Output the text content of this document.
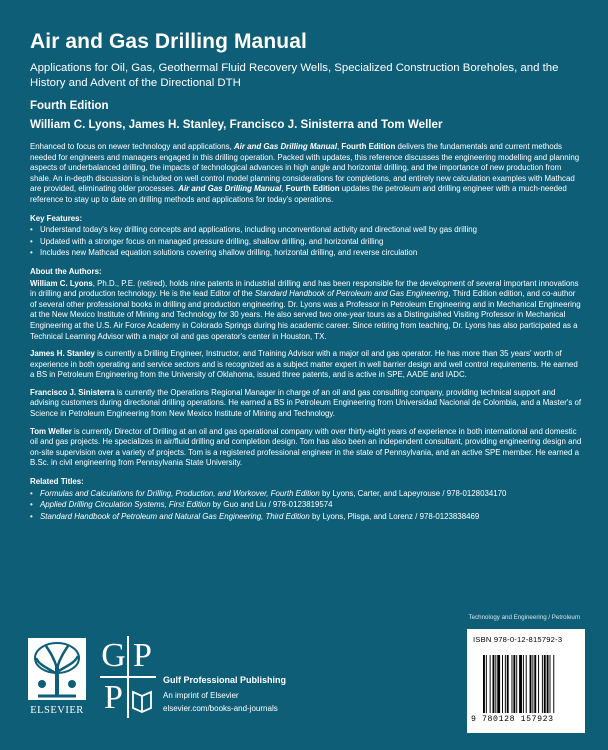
Air and Gas Drilling Manual
Applications for Oil, Gas, Geothermal Fluid Recovery Wells, Specialized Construction Boreholes, and the History and Advent of the Directional DTH
Fourth Edition
William C. Lyons, James H. Stanley, Francisco J. Sinisterra and Tom Weller
Enhanced to focus on newer technology and applications, Air and Gas Drilling Manual, Fourth Edition delivers the fundamentals and current methods needed for engineers and managers engaged in this drilling operation. Packed with updates, this reference discusses the engineering modelling and planning aspects of underbalanced drilling, the impacts of technological advances in high angle and horizontal drilling, and the importance of new production from shale. An in-depth discussion is included on well control model planning considerations for completions, and entirely new calculation examples with Mathcad are provided, eliminating older processes. Air and Gas Drilling Manual, Fourth Edition updates the petroleum and drilling engineer with a much-needed reference to stay up to date on drilling methods and applications for today's operations.
Key Features:
• Understand today's key drilling concepts and applications, including unconventional activity and directional well by gas drilling
• Updated with a stronger focus on managed pressure drilling, shallow drilling, and horizontal drilling
• Includes new Mathcad equation solutions covering shallow drilling, horizontal drilling, and reverse circulation
About the Authors:
William C. Lyons, Ph.D., P.E. (retired), holds nine patents in industrial drilling and has been responsible for the development of several important innovations in drilling and production technology. He is the lead Editor of the Standard Handbook of Petroleum and Gas Engineering, Third Edition edition, and co-author of several other professional books in drilling and production engineering. Dr. Lyons was a Professor in Petroleum Engineering and in Mechanical Engineering at the New Mexico Institute of Mining and Technology for 30 years. He also served two one-year tours as a Distinguished Visiting Professor in Mechanical Engineering at the U.S. Air Force Academy in Colorado Springs during his academic career. Since retiring from teaching, Dr. Lyons has also participated as a Technical Learning Advisor with a major oil and gas operator's center in Houston, TX.
James H. Stanley is currently a Drilling Engineer, Instructor, and Training Advisor with a major oil and gas operator. He has more than 35 years' worth of experience in both operating and service sectors and is recognized as a subject matter expert in well barrier design and well control requirements. He earned a BS in Petroleum Engineering from the University of Oklahoma, issued three patents, and is active in SPE, AADE and IADC.
Francisco J. Sinisterra is currently the Operations Regional Manager in charge of an oil and gas consulting company, providing technical support and advising customers during directional drilling operations. He earned a BS in Petroleum Engineering from Universidad Nacional de Colombia, and a Master's of Science in Petroleum Engineering from New Mexico Institute of Mining and Technology.
Tom Weller is currently Director of Drilling at an oil and gas operational company with over thirty-eight years of experience in both international and domestic oil and gas projects. He specializes in air/fluid drilling and completion design. Tom has also been an independent consultant, providing engineering design and on-site supervision over a variety of projects. Tom is a registered professional engineer in the state of Pennsylvania, and an active SPE member. He earned a B.Sc. in civil engineering from Pennsylvania State University.
Related Titles:
• Formulas and Calculations for Drilling, Production, and Workover, Fourth Edition by Lyons, Carter, and Lapeyrouse / 978-0128034170
• Applied Drilling Circulation Systems, First Edition by Guo and Liu / 978-0123819574
• Standard Handbook of Petroleum and Natural Gas Engineering, Third Edition by Lyons, Plisga, and Lorenz / 978-0123838469
Technology and Engineering / Petroleum
ELSEVIER
G P
P	Gulf Professional Publishing
An imprint of Elsevier
elsevier.com/books-and-journals
ISBN 978-0-12-815792-3
9 780128 157923
